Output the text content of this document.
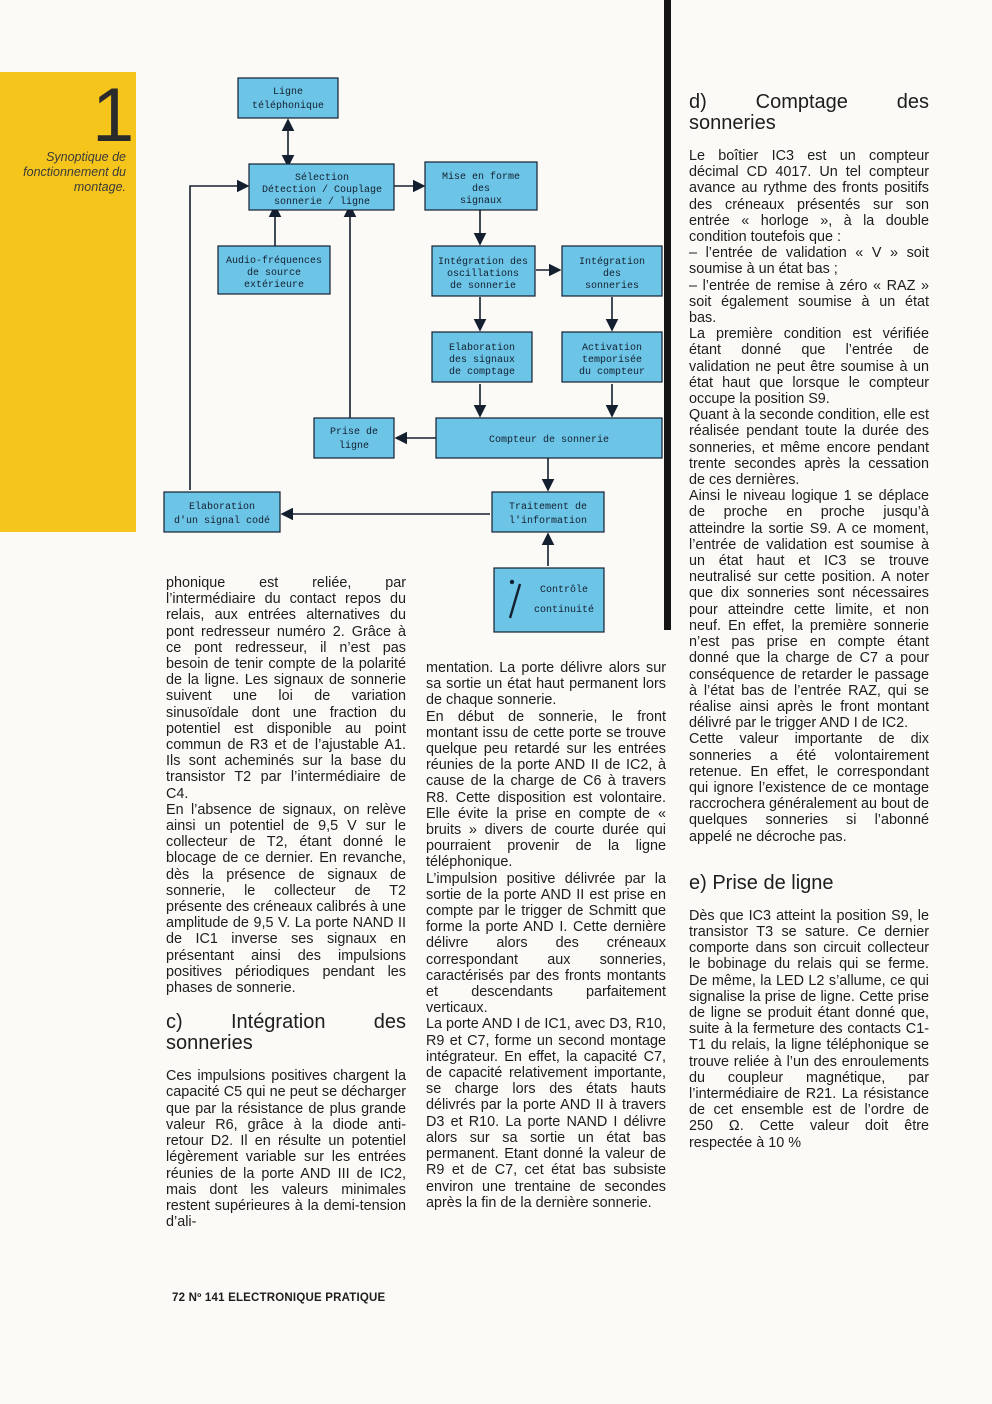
1
Synoptique de fonctionnement du montage.
Ligne
téléphonique
Sélection
Détection / Couplage
sonnerie / ligne
Mise en forme
des
signaux
Audio-fréquences
de source
extérieure
Intégration des
oscillations
de sonnerie
Intégration
des
sonneries
Elaboration
des signaux
de comptage
Activation
temporisée
du compteur
Prise de
ligne
Compteur de sonnerie
Elaboration
d'un signal codé
Traitement de
l'information
Contrôle
continuité

phonique est reliée, par l’intermédiaire du contact repos du relais, aux entrées alternatives du pont redresseur numéro 2. Grâce à ce pont redresseur, il n’est pas besoin de tenir compte de la polarité de la ligne. Les signaux de sonnerie suivent une loi de variation sinusoïdale dont une fraction du potentiel est disponible au point commun de R3 et de l’ajustable A1. Ils sont acheminés sur la base du transistor T2 par l’intermédiaire de C4.

En l’absence de signaux, on relève ainsi un potentiel de 9,5 V sur le collecteur de T2, étant donné le blocage de ce dernier. En revanche, dès la présence de signaux de sonnerie, le collecteur de T2 présente des créneaux calibrés à une amplitude de 9,5 V. La porte NAND II de IC1 inverse ses signaux en présentant ainsi des impulsions positives périodiques pendant les phases de sonnerie.

c) Intégration des sonneries

Ces impulsions positives chargent la capacité C5 qui ne peut se décharger que par la résistance de plus grande valeur R6, grâce à la diode anti-retour D2. Il en résulte un potentiel légèrement variable sur les entrées réunies de la porte AND III de IC2, mais dont les valeurs minimales restent supérieures à la demi-tension d’ali-

mentation. La porte délivre alors sur sa sortie un état haut permanent lors de chaque sonnerie.

En début de sonnerie, le front montant issu de cette porte se trouve quelque peu retardé sur les entrées réunies de la porte AND II de IC2, à cause de la charge de C6 à travers R8. Cette disposition est volontaire. Elle évite la prise en compte de « bruits » divers de courte durée qui pourraient provenir de la ligne téléphonique.

L’impulsion positive délivrée par la sortie de la porte AND II est prise en compte par le trigger de Schmitt que forme la porte AND I. Cette dernière délivre alors des créneaux correspondant aux sonneries, caractérisés par des fronts montants et descendants parfaitement verticaux.

La porte AND I de IC1, avec D3, R10, R9 et C7, forme un second montage intégrateur. En effet, la capacité C7, de capacité relativement importante, se charge lors des états hauts délivrés par la porte AND II à travers D3 et R10. La porte NAND I délivre alors sur sa sortie un état bas permanent. Etant donné la valeur de R9 et de C7, cet état bas subsiste environ une trentaine de secondes après la fin de la dernière sonnerie.

d) Comptage des sonneries

Le boîtier IC3 est un compteur décimal CD 4017. Un tel compteur avance au rythme des fronts positifs des créneaux présentés sur son entrée « horloge », à la double condition toutefois que :

– l’entrée de validation « V » soit soumise à un état bas ;

– l’entrée de remise à zéro « RAZ » soit également soumise à un état bas.

La première condition est vérifiée étant donné que l’entrée de validation ne peut être soumise à un état haut que lorsque le compteur occupe la position S9.

Quant à la seconde condition, elle est réalisée pendant toute la durée des sonneries, et même encore pendant trente secondes après la cessation de ces dernières.

Ainsi le niveau logique 1 se déplace de proche en proche jusqu’à atteindre la sortie S9. A ce moment, l’entrée de validation est soumise à un état haut et IC3 se trouve neutralisé sur cette position. A noter que dix sonneries sont nécessaires pour atteindre cette limite, et non neuf. En effet, la première sonnerie n’est pas prise en compte étant donné que la charge de C7 a pour conséquence de retarder le passage à l’état bas de l’entrée RAZ, qui se réalise ainsi après le front montant délivré par le trigger AND I de IC2.

Cette valeur importante de dix sonneries a été volontairement retenue. En effet, le correspondant qui ignore l’existence de ce montage raccrochera généralement au bout de quelques sonneries si l’abonné appelé ne décroche pas.

e) Prise de ligne

Dès que IC3 atteint la position S9, le transistor T3 se sature. Ce dernier comporte dans son circuit collecteur le bobinage du relais qui se ferme. De même, la LED L2 s’allume, ce qui signalise la prise de ligne. Cette prise de ligne se produit étant donné que, suite à la fermeture des contacts C1-T1 du relais, la ligne téléphonique se trouve reliée à l’un des enroulements du coupleur magnétique, par l’intermédiaire de R21. La résistance de cet ensemble est de l’ordre de 250 Ω. Cette valeur doit être respectée à 10 %

72 Nº 141 ELECTRONIQUE PRATIQUE
